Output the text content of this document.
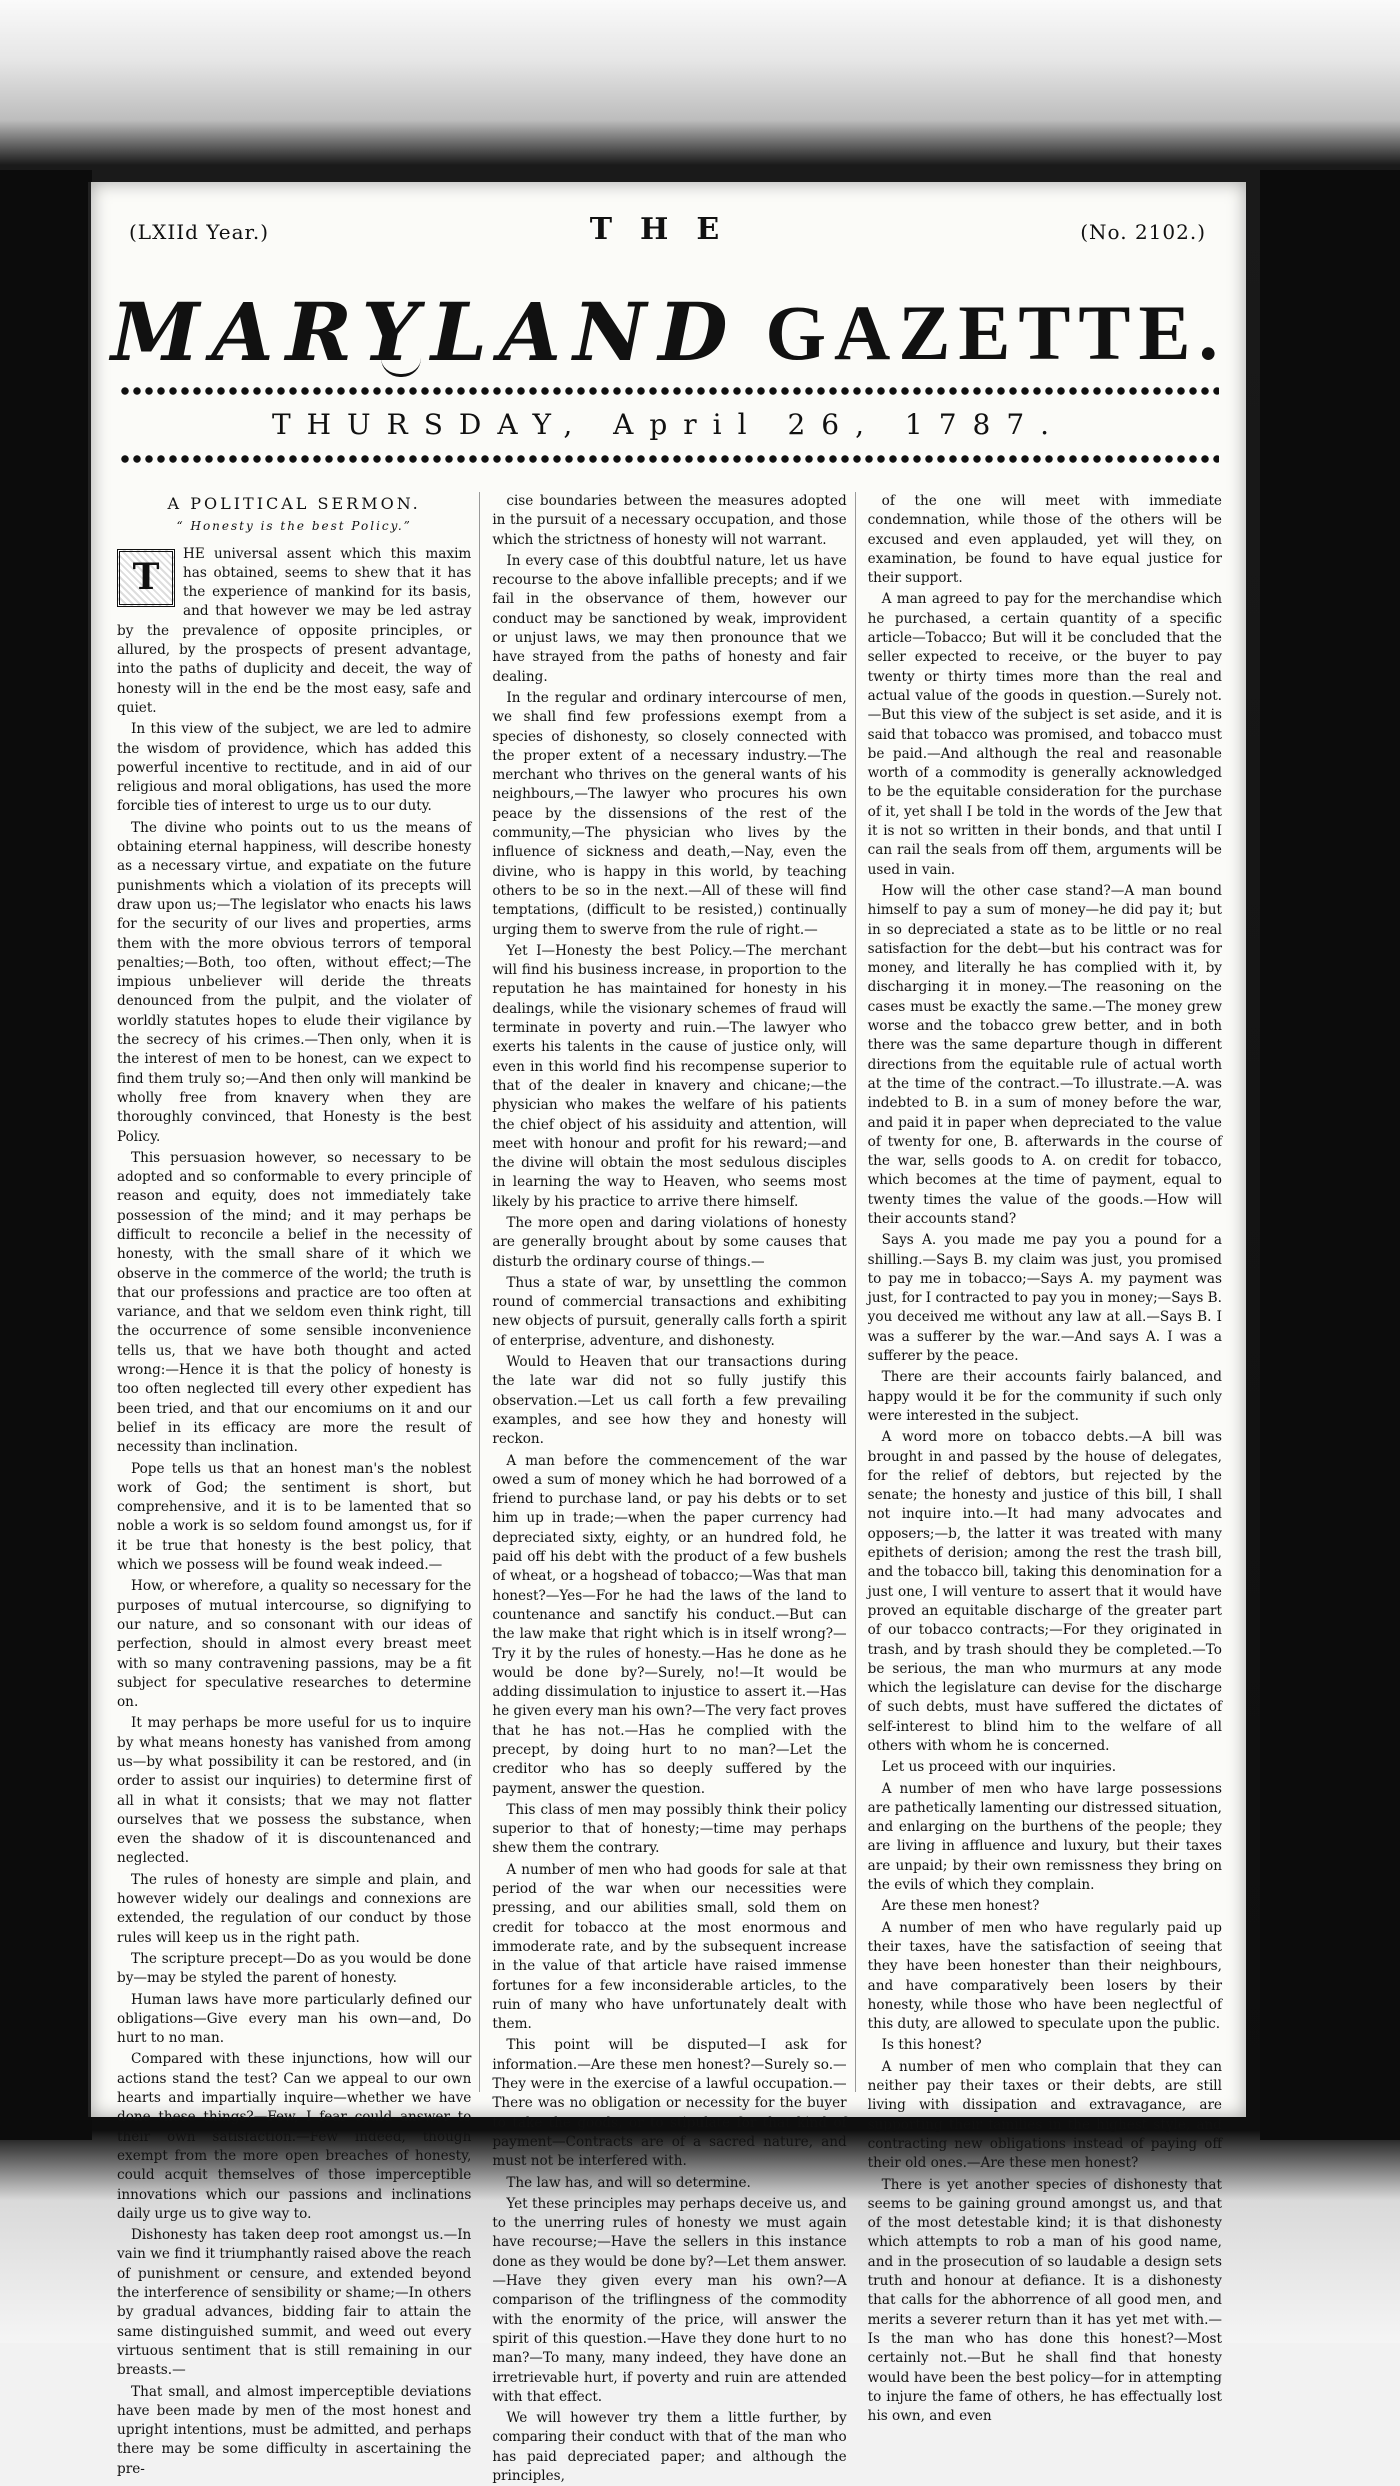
(LXIId Year.)	THE	(No. 2102.)
MARYLAND GAZETTE.
THURSDAY, April 26, 1787.
A POLITICAL SERMON.
“ Honesty is the best Policy.”
T

HE universal assent which this maxim has obtained, seems to shew that it has the experience of mankind for its basis, and that however we may be led astray by the prevalence of opposite principles, or allured, by the prospects of present advantage, into the paths of duplicity and deceit, the way of honesty will in the end be the most easy, safe and quiet.

In this view of the subject, we are led to admire the wisdom of providence, which has added this powerful incentive to rectitude, and in aid of our religious and moral obligations, has used the more forcible ties of interest to urge us to our duty.

The divine who points out to us the means of obtaining eternal happiness, will describe honesty as a necessary virtue, and expatiate on the future punishments which a violation of its precepts will draw upon us;—The legislator who enacts his laws for the security of our lives and properties, arms them with the more obvious terrors of temporal penalties;—Both, too often, without effect;—The impious unbeliever will deride the threats denounced from the pulpit, and the violater of worldly statutes hopes to elude their vigilance by the secrecy of his crimes.—Then only, when it is the interest of men to be honest, can we expect to find them truly so;—And then only will mankind be wholly free from knavery when they are thoroughly convinced, that Honesty is the best Policy.

This persuasion however, so necessary to be adopted and so conformable to every principle of reason and equity, does not immediately take possession of the mind; and it may perhaps be difficult to reconcile a belief in the necessity of honesty, with the small share of it which we observe in the commerce of the world; the truth is that our professions and practice are too often at variance, and that we seldom even think right, till the occurrence of some sensible inconvenience tells us, that we have both thought and acted wrong:—Hence it is that the policy of honesty is too often neglected till every other expedient has been tried, and that our encomiums on it and our belief in its efficacy are more the result of necessity than inclination.

Pope tells us that an honest man's the noblest work of God; the sentiment is short, but comprehensive, and it is to be lamented that so noble a work is so seldom found amongst us, for if it be true that honesty is the best policy, that which we possess will be found weak indeed.—

How, or wherefore, a quality so necessary for the purposes of mutual intercourse, so dignifying to our nature, and so consonant with our ideas of perfection, should in almost every breast meet with so many contravening passions, may be a fit subject for speculative researches to determine on.

It may perhaps be more useful for us to inquire by what means honesty has vanished from among us—by what possibility it can be restored, and (in order to assist our inquiries) to determine first of all in what it consists; that we may not flatter ourselves that we possess the substance, when even the shadow of it is discountenanced and neglected.

The rules of honesty are simple and plain, and however widely our dealings and connexions are extended, the regulation of our conduct by those rules will keep us in the right path.

The scripture precept—Do as you would be done by—may be styled the parent of honesty.

Human laws have more particularly defined our obligations—Give every man his own—and, Do hurt to no man.

Compared with these injunctions, how will our actions stand the test? Can we appeal to our own hearts and impartially inquire—whether we have done these things?—Few, I fear could answer to their own satisfaction.—Few indeed, though exempt from the more open breaches of honesty, could acquit themselves of those imperceptible innovations which our passions and inclinations daily urge us to give way to.

Dishonesty has taken deep root amongst us.—In vain we find it triumphantly raised above the reach of punishment or censure, and extended beyond the interference of sensibility or shame;—In others by gradual advances, bidding fair to attain the same distinguished summit, and weed out every virtuous sentiment that is still remaining in our breasts.—

That small, and almost imperceptible deviations have been made by men of the most honest and upright intentions, must be admitted, and perhaps there may be some difficulty in ascertaining the pre-

cise boundaries between the measures adopted in the pursuit of a necessary occupation, and those which the strictness of honesty will not warrant.

In every case of this doubtful nature, let us have recourse to the above infallible precepts; and if we fail in the observance of them, however our conduct may be sanctioned by weak, improvident or unjust laws, we may then pronounce that we have strayed from the paths of honesty and fair dealing.

In the regular and ordinary intercourse of men, we shall find few professions exempt from a species of dishonesty, so closely connected with the proper extent of a necessary industry.—The merchant who thrives on the general wants of his neighbours,—The lawyer who procures his own peace by the dissensions of the rest of the community,—The physician who lives by the influence of sickness and death,—Nay, even the divine, who is happy in this world, by teaching others to be so in the next.—All of these will find temptations, (difficult to be resisted,) continually urging them to swerve from the rule of right.—

Yet I—Honesty the best Policy.—The merchant will find his business increase, in proportion to the reputation he has maintained for honesty in his dealings, while the visionary schemes of fraud will terminate in poverty and ruin.—The lawyer who exerts his talents in the cause of justice only, will even in this world find his recompense superior to that of the dealer in knavery and chicane;—the physician who makes the welfare of his patients the chief object of his assiduity and attention, will meet with honour and profit for his reward;—and the divine will obtain the most sedulous disciples in learning the way to Heaven, who seems most likely by his practice to arrive there himself.

The more open and daring violations of honesty are generally brought about by some causes that disturb the ordinary course of things.—

Thus a state of war, by unsettling the common round of commercial transactions and exhibiting new objects of pursuit, generally calls forth a spirit of enterprise, adventure, and dishonesty.

Would to Heaven that our transactions during the late war did not so fully justify this observation.—Let us call forth a few prevailing examples, and see how they and honesty will reckon.

A man before the commencement of the war owed a sum of money which he had borrowed of a friend to purchase land, or pay his debts or to set him up in trade;—when the paper currency had depreciated sixty, eighty, or an hundred fold, he paid off his debt with the product of a few bushels of wheat, or a hogshead of tobacco;—Was that man honest?—Yes—For he had the laws of the land to countenance and sanctify his conduct.—But can the law make that right which is in itself wrong?—Try it by the rules of honesty.—Has he done as he would be done by?—Surely, no!—It would be adding dissimulation to injustice to assert it.—Has he given every man his own?—The very fact proves that he has not.—Has he complied with the precept, by doing hurt to no man?—Let the creditor who has so deeply suffered by the payment, answer the question.

This class of men may possibly think their policy superior to that of honesty;—time may perhaps shew them the contrary.

A number of men who had goods for sale at that period of the war when our necessities were pressing, and our abilities small, sold them on credit for tobacco at the most enormous and immoderate rate, and by the subsequent increase in the value of that article have raised immense fortunes for a few inconsiderable articles, to the ruin of many who have unfortunately dealt with them.

This point will be disputed—I ask for information.—Are these men honest?—Surely so.—They were in the exercise of a lawful occupation.—There was no obligation or necessity for the buyer to take the goods, or to stipulate for that kind of payment—Contracts are of a sacred nature, and must not be interfered with.

The law has, and will so determine.

Yet these principles may perhaps deceive us, and to the unerring rules of honesty we must again have recourse;—Have the sellers in this instance done as they would be done by?—Let them answer.—Have they given every man his own?—A comparison of the triflingness of the commodity with the enormity of the price, will answer the spirit of this question.—Have they done hurt to no man?—To many, many indeed, they have done an irretrievable hurt, if poverty and ruin are attended with that effect.

We will however try them a little further, by comparing their conduct with that of the man who has paid depreciated paper; and although the principles,

of the one will meet with immediate condemnation, while those of the others will be excused and even applauded, yet will they, on examination, be found to have equal justice for their support.

A man agreed to pay for the merchandise which he purchased, a certain quantity of a specific article—Tobacco; But will it be concluded that the seller expected to receive, or the buyer to pay twenty or thirty times more than the real and actual value of the goods in question.—Surely not.—But this view of the subject is set aside, and it is said that tobacco was promised, and tobacco must be paid.—And although the real and reasonable worth of a commodity is generally acknowledged to be the equitable consideration for the purchase of it, yet shall I be told in the words of the Jew that it is not so written in their bonds, and that until I can rail the seals from off them, arguments will be used in vain.

How will the other case stand?—A man bound himself to pay a sum of money—he did pay it; but in so depreciated a state as to be little or no real satisfaction for the debt—but his contract was for money, and literally he has complied with it, by discharging it in money.—The reasoning on the cases must be exactly the same.—The money grew worse and the tobacco grew better, and in both there was the same departure though in different directions from the equitable rule of actual worth at the time of the contract.—To illustrate.—A. was indebted to B. in a sum of money before the war, and paid it in paper when depreciated to the value of twenty for one, B. afterwards in the course of the war, sells goods to A. on credit for tobacco, which becomes at the time of payment, equal to twenty times the value of the goods.—How will their accounts stand?

Says A. you made me pay you a pound for a shilling.—Says B. my claim was just, you promised to pay me in tobacco;—Says A. my payment was just, for I contracted to pay you in money;—Says B. you deceived me without any law at all.—Says B. I was a sufferer by the war.—And says A. I was a sufferer by the peace.

There are their accounts fairly balanced, and happy would it be for the community if such only were interested in the subject.

A word more on tobacco debts.—A bill was brought in and passed by the house of delegates, for the relief of debtors, but rejected by the senate; the honesty and justice of this bill, I shall not inquire into.—It had many advocates and opposers;—b, the latter it was treated with many epithets of derision; among the rest the trash bill, and the tobacco bill, taking this denomination for a just one, I will venture to assert that it would have proved an equitable discharge of the greater part of our tobacco contracts;—For they originated in trash, and by trash should they be completed.—To be serious, the man who murmurs at any mode which the legislature can devise for the discharge of such debts, must have suffered the dictates of self-interest to blind him to the welfare of all others with whom he is concerned.

Let us proceed with our inquiries.

A number of men who have large possessions are pathetically lamenting our distressed situation, and enlarging on the burthens of the people; they are living in affluence and luxury, but their taxes are unpaid; by their own remissness they bring on the evils of which they complain.

Are these men honest?

A number of men who have regularly paid up their taxes, have the satisfaction of seeing that they have been honester than their neighbours, and have comparatively been losers by their honesty, while those who have been neglectful of this duty, are allowed to speculate upon the public.

Is this honest?

A number of men who complain that they can neither pay their taxes or their debts, are still living with dissipation and extravagance, are supporting their families in the highest style, and contracting new obligations instead of paying off their old ones.—Are these men honest?

There is yet another species of dishonesty that seems to be gaining ground amongst us, and that of the most detestable kind; it is that dishonesty which attempts to rob a man of his good name, and in the prosecution of so laudable a design sets truth and honour at defiance. It is a dishonesty that calls for the abhorrence of all good men, and merits a severer return than it has yet met with.—Is the man who has done this honest?—Most certainly not.—But he shall find that honesty would have been the best policy—for in attempting to injure the fame of others, he has effectually lost his own, and even
